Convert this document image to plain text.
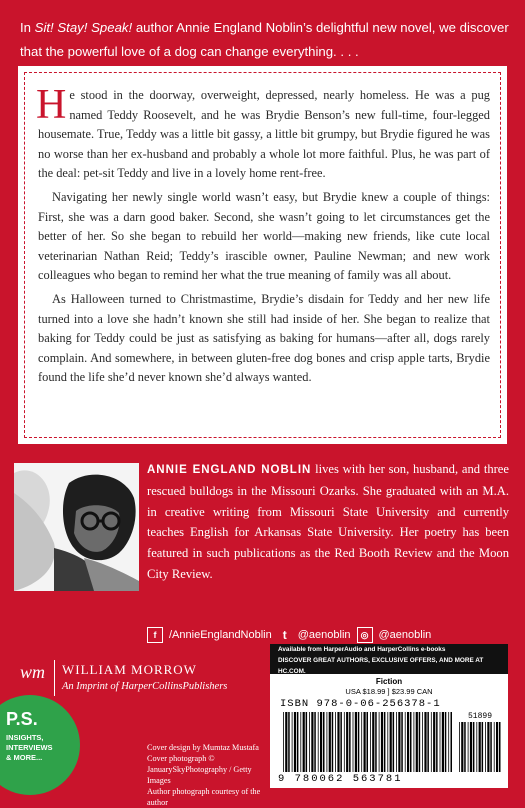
In Sit! Stay! Speak! author Annie England Noblin’s delightful new novel, we discover that the powerful love of a dog can change everything. . . .

He stood in the doorway, overweight, depressed, nearly homeless. He was a pug named Teddy Roosevelt, and he was Brydie Benson’s new full-time, four-legged housemate. True, Teddy was a little bit gassy, a little bit grumpy, but Brydie figured he was no worse than her ex-husband and probably a whole lot more faithful. Plus, he was part of the deal: pet-sit Teddy and live in a lovely home rent-free.

Navigating her newly single world wasn’t easy, but Brydie knew a couple of things: First, she was a darn good baker. Second, she wasn’t going to let circumstances get the better of her. So she began to rebuild her world—making new friends, like cute local veterinarian Nathan Reid; Teddy’s irascible owner, Pauline Newman; and new work colleagues who began to remind her what the true meaning of family was all about.

As Halloween turned to Christmastime, Brydie’s disdain for Teddy and her new life turned into a love she hadn’t known she still had inside of her. She began to realize that baking for Teddy could be just as satisfying as baking for humans—after all, dogs rarely complain. And somewhere, in between gluten-free dog bones and crisp apple tarts, Brydie found the life she’d never known she’d always wanted.

ANNIE ENGLAND NOBLIN lives with her son, husband, and three rescued bulldogs in the Missouri Ozarks. She graduated with an M.A. in creative writing from Missouri State University and currently teaches English for Arkansas State University. Her poetry has been featured in such publications as the Red Booth Review and the Moon City Review.
f	/AnnieEnglandNoblin t	@aenoblin	◎ @aenoblin
wm WILLIAM MORROW
An Imprint of HarperCollinsPublishers
P.S.
INSIGHTS,
INTERVIEWS
& MORE...
Cover design by Mumtaz Mustafa
Cover photograph © JanuarySkyPhotography / Getty Images
Author photograph courtesy of the author
Available from HarperAudio and HarperCollins e-books
DISCOVER GREAT AUTHORS, EXCLUSIVE OFFERS, AND MORE AT HC.COM.
Fiction
USA $18.99 ] $23.99 CAN
ISBN 978-0-06-256378-1
51899
9 780062 563781
